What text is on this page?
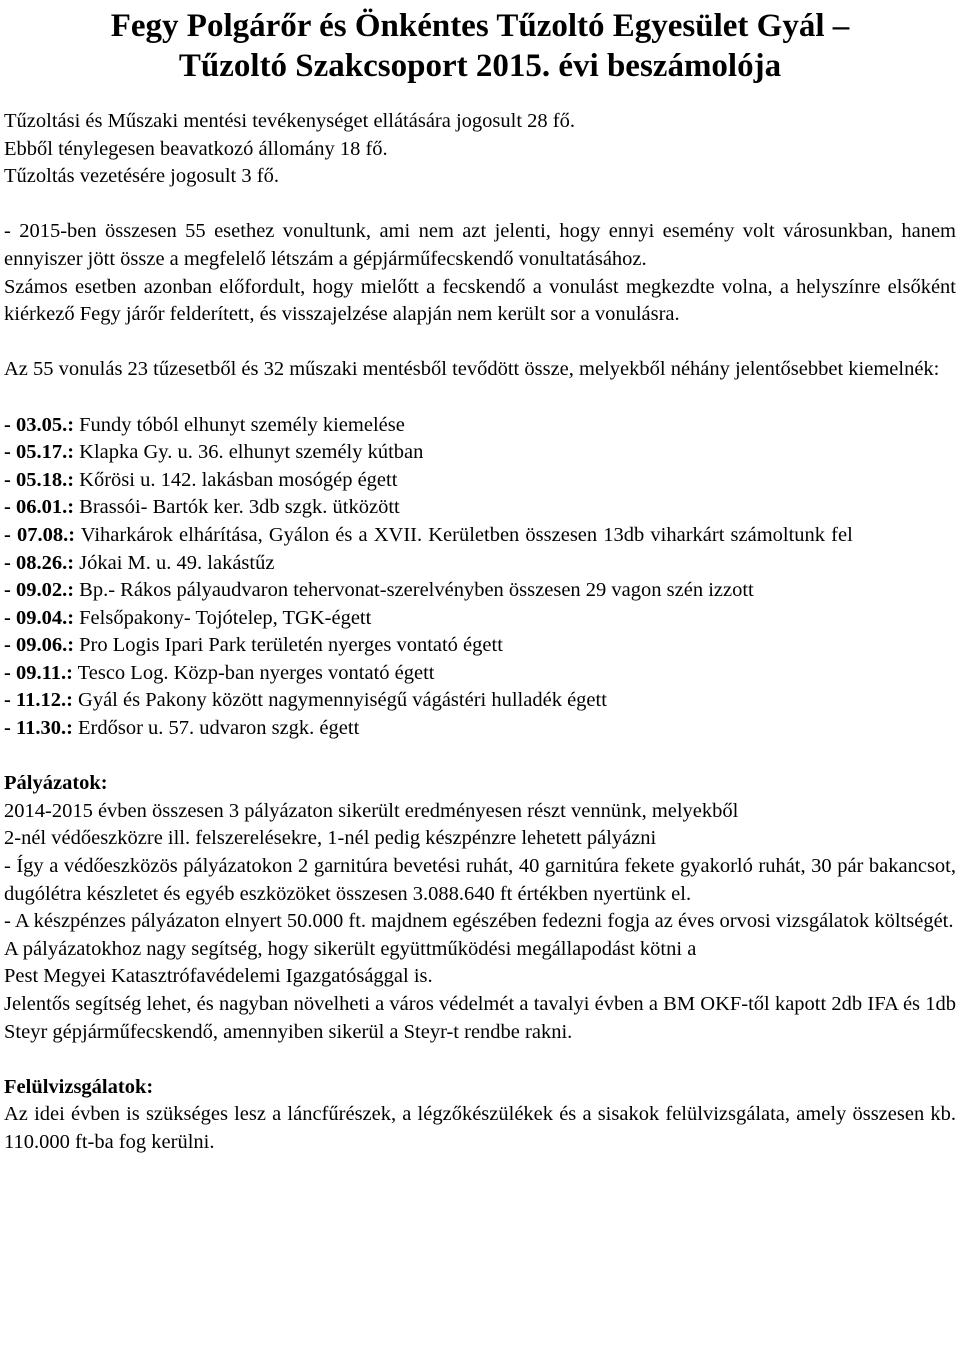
Fegy Polgárőr és Önkéntes Tűzoltó Egyesület Gyál –
Tűzoltó Szakcsoport 2015. évi beszámolója

Tűzoltási és Műszaki mentési tevékenységet ellátására jogosult 28 fő.

Ebből ténylegesen beavatkozó állomány 18 fő.

Tűzoltás vezetésére jogosult 3 fő.

- 2015-ben összesen 55 esethez vonultunk, ami nem azt jelenti, hogy ennyi esemény volt városunkban, hanem ennyiszer jött össze a megfelelő létszám a gépjárműfecskendő vonultatásához.

Számos esetben azonban előfordult, hogy mielőtt a fecskendő a vonulást megkezdte volna, a helyszínre elsőként kiérkező Fegy járőr felderített, és visszajelzése alapján nem került sor a vonulásra.

Az 55 vonulás 23 tűzesetből és 32 műszaki mentésből tevődött össze, melyekből néhány jelentősebbet kiemelnék:

- 03.05.: Fundy tóból elhunyt személy kiemelése

- 05.17.: Klapka Gy. u. 36. elhunyt személy kútban

- 05.18.: Kőrösi u. 142. lakásban mosógép égett

- 06.01.: Brassói- Bartók ker. 3db szgk. ütközött

- 07.08.: Viharkárok elhárítása, Gyálon és a XVII. Kerületben összesen 13db viharkárt számoltunk fel

- 08.26.: Jókai M. u. 49. lakástűz

- 09.02.: Bp.- Rákos pályaudvaron tehervonat-szerelvényben összesen 29 vagon szén izzott

- 09.04.: Felsőpakony- Tojótelep, TGK-égett

- 09.06.: Pro Logis Ipari Park területén nyerges vontató égett

- 09.11.: Tesco Log. Közp-ban nyerges vontató égett

- 11.12.: Gyál és Pakony között nagymennyiségű vágástéri hulladék égett

- 11.30.: Erdősor u. 57. udvaron szgk. égett

Pályázatok:

2014-2015 évben összesen 3 pályázaton sikerült eredményesen részt vennünk, melyekből

2-nél védőeszközre ill. felszerelésekre, 1-nél pedig készpénzre lehetett pályázni

- Így a védőeszközös pályázatokon 2 garnitúra bevetési ruhát, 40 garnitúra fekete gyakorló ruhát, 30 pár bakancsot, dugólétra készletet és egyéb eszközöket összesen 3.088.640 ft értékben nyertünk el.

- A készpénzes pályázaton elnyert 50.000 ft. majdnem egészében fedezni fogja az éves orvosi vizsgálatok költségét.

A pályázatokhoz nagy segítség, hogy sikerült együttműködési megállapodást kötni a

Pest Megyei Katasztrófavédelemi Igazgatósággal is.

Jelentős segítség lehet, és nagyban növelheti a város védelmét a tavalyi évben a BM OKF-től kapott 2db IFA és 1db Steyr gépjárműfecskendő, amennyiben sikerül a Steyr-t rendbe rakni.

Felülvizsgálatok:

Az idei évben is szükséges lesz a láncfűrészek, a légzőkészülékek és a sisakok felülvizsgálata, amely összesen kb. 110.000 ft-ba fog kerülni.
